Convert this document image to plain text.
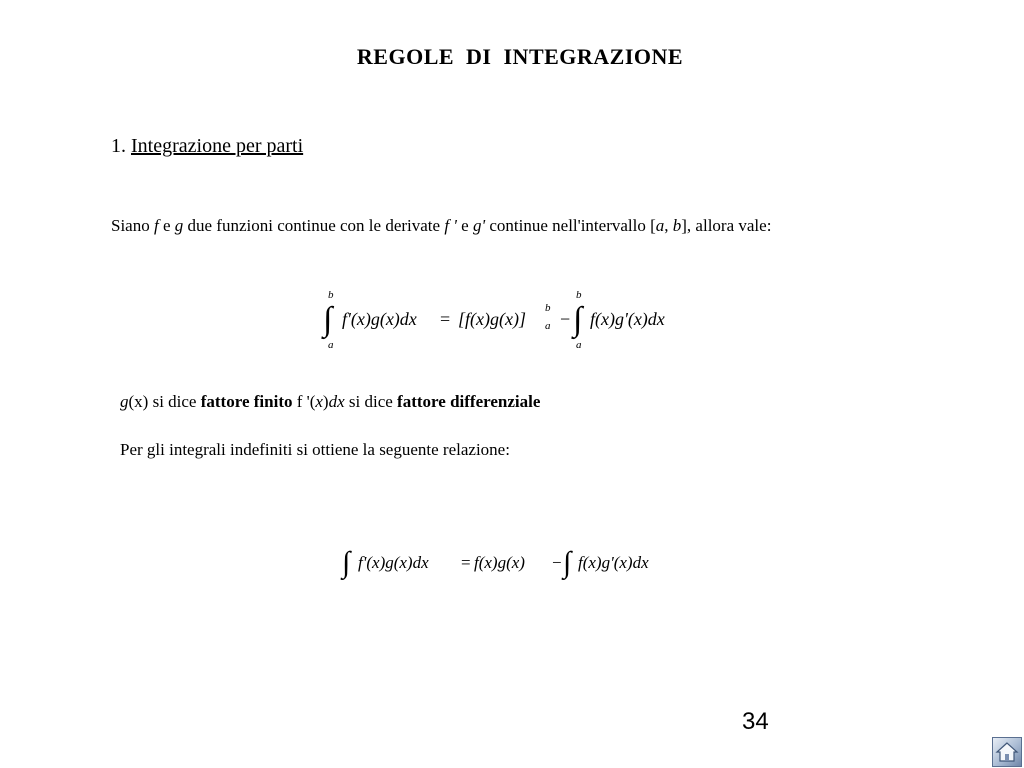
REGOLE DI INTEGRAZIONE
1. Integrazione per parti
Siano f e g due funzioni continue con le derivate f ' e g' continue nell'intervallo [a, b], allora vale:
b
a
∫ f'(x)g(x)dx = [f(x)g(x)]
b
a −
b
a
∫ f(x)g'(x)dx
g(x) si dice fattore finito f '(x)dx si dice fattore differenziale
Per gli integrali indefiniti si ottiene la seguente relazione:
∫ f'(x)g(x)dx = f(x)g(x) − ∫ f(x)g'(x)dx
34
